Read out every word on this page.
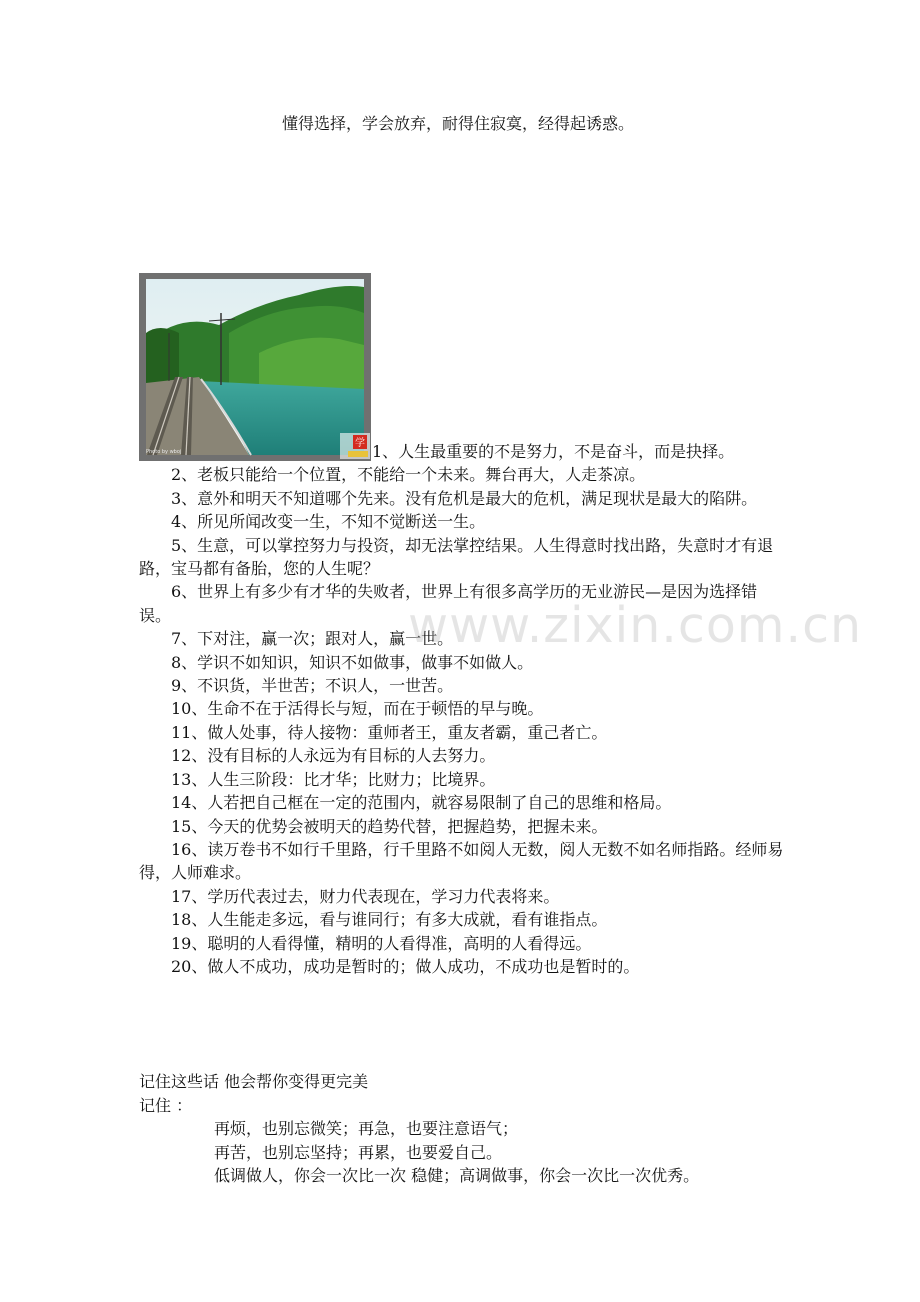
懂得选择，学会放弃，耐得住寂寞，经得起诱惑。
Photo by wboj
学 1、人生最重要的不是努力，不是奋斗，而是抉择。

2、老板只能给一个位置，不能给一个未来。舞台再大，人走茶凉。

3、意外和明天不知道哪个先来。没有危机是最大的危机，满足现状是最大的陷阱。

4、所见所闻改变一生，不知不觉断送一生。

5、生意，可以掌控努力与投资，却无法掌控结果。人生得意时找出路，失意时才有退路，宝马都有备胎，您的人生呢？

6、世界上有多少有才华的失败者，世界上有很多高学历的无业游民—是因为选择错误。

7、下对注，赢一次；跟对人，赢一世。

8、学识不如知识，知识不如做事，做事不如做人。

9、不识货，半世苦；不识人，一世苦。

10、生命不在于活得长与短，而在于顿悟的早与晚。

11、做人处事，待人接物：重师者王，重友者霸，重己者亡。

12、没有目标的人永远为有目标的人去努力。

13、人生三阶段：比才华；比财力；比境界。

14、人若把自己框在一定的范围内，就容易限制了自己的思维和格局。

15、今天的优势会被明天的趋势代替，把握趋势，把握未来。

16、读万卷书不如行千里路，行千里路不如阅人无数，阅人无数不如名师指路。经师易得，人师难求。

17、学历代表过去，财力代表现在，学习力代表将来。

18、人生能走多远，看与谁同行；有多大成就，看有谁指点。

19、聪明的人看得懂，精明的人看得准，高明的人看得远。

20、做人不成功，成功是暂时的；做人成功，不成功也是暂时的。

www.zixin.com.cn

记住这些话 他会帮你变得更完美

记住 ：

再烦，也别忘微笑；再急，也要注意语气；

再苦，也别忘坚持；再累，也要爱自己。

低调做人，你会一次比一次 稳健；高调做事，你会一次比一次优秀。
